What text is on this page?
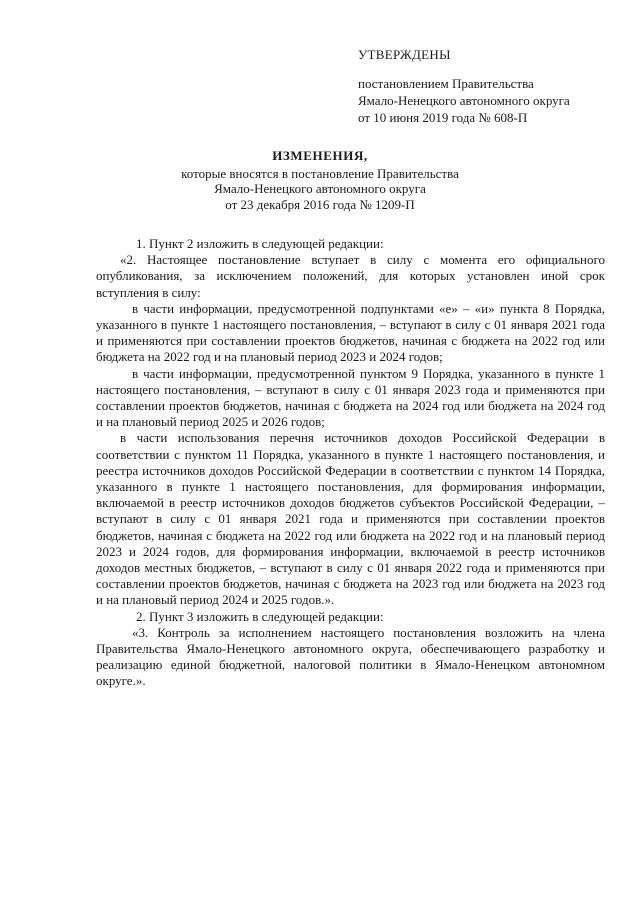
УТВЕРЖДЕНЫ

постановлением Правительства

Ямало-Ненецкого автономного округа

от 10 июня 2019 года № 608-П

ИЗМЕНЕНИЯ,

которые вносятся в постановление Правительства

Ямало-Ненецкого автономного округа

от 23 декабря 2016 года № 1209-П

1. Пункт 2 изложить в следующей редакции:

«2. Настоящее постановление вступает в силу с момента его официального опубликования, за исключением положений, для которых установлен иной срок вступления в силу:

в части информации, предусмотренной подпунктами «е» – «и» пункта 8 Порядка, указанного в пункте 1 настоящего постановления, – вступают в силу с 01 января 2021 года и применяются при составлении проектов бюджетов, начиная с бюджета на 2022 год или бюджета на 2022 год и на плановый период 2023 и 2024 годов;

в части информации, предусмотренной пунктом 9 Порядка, указанного в пункте 1 настоящего постановления, – вступают в силу с 01 января 2023 года и применяются при составлении проектов бюджетов, начиная с бюджета на 2024 год или бюджета на 2024 год и на плановый период 2025 и 2026 годов;

в части использования перечня источников доходов Российской Федерации в соответствии с пунктом 11 Порядка, указанного в пункте 1 настоящего постановления, и реестра источников доходов Российской Федерации в соответствии с пунктом 14 Порядка, указанного в пункте 1 настоящего постановления, для формирования информации, включаемой в реестр источников доходов бюджетов субъектов Российской Федерации, – вступают в силу с 01 января 2021 года и применяются при составлении проектов бюджетов, начиная с бюджета на 2022 год или бюджета на 2022 год и на плановый период 2023 и 2024 годов, для формирования информации, включаемой в реестр источников доходов местных бюджетов, – вступают в силу с 01 января 2022 года и применяются при составлении проектов бюджетов, начиная с бюджета на 2023 год или бюджета на 2023 год и на плановый период 2024 и 2025 годов.».

2. Пункт 3 изложить в следующей редакции:

«3. Контроль за исполнением настоящего постановления возложить на члена Правительства Ямало-Ненецкого автономного округа, обеспечивающего разработку и реализацию единой бюджетной, налоговой политики в Ямало-Ненецком автономном округе.».
